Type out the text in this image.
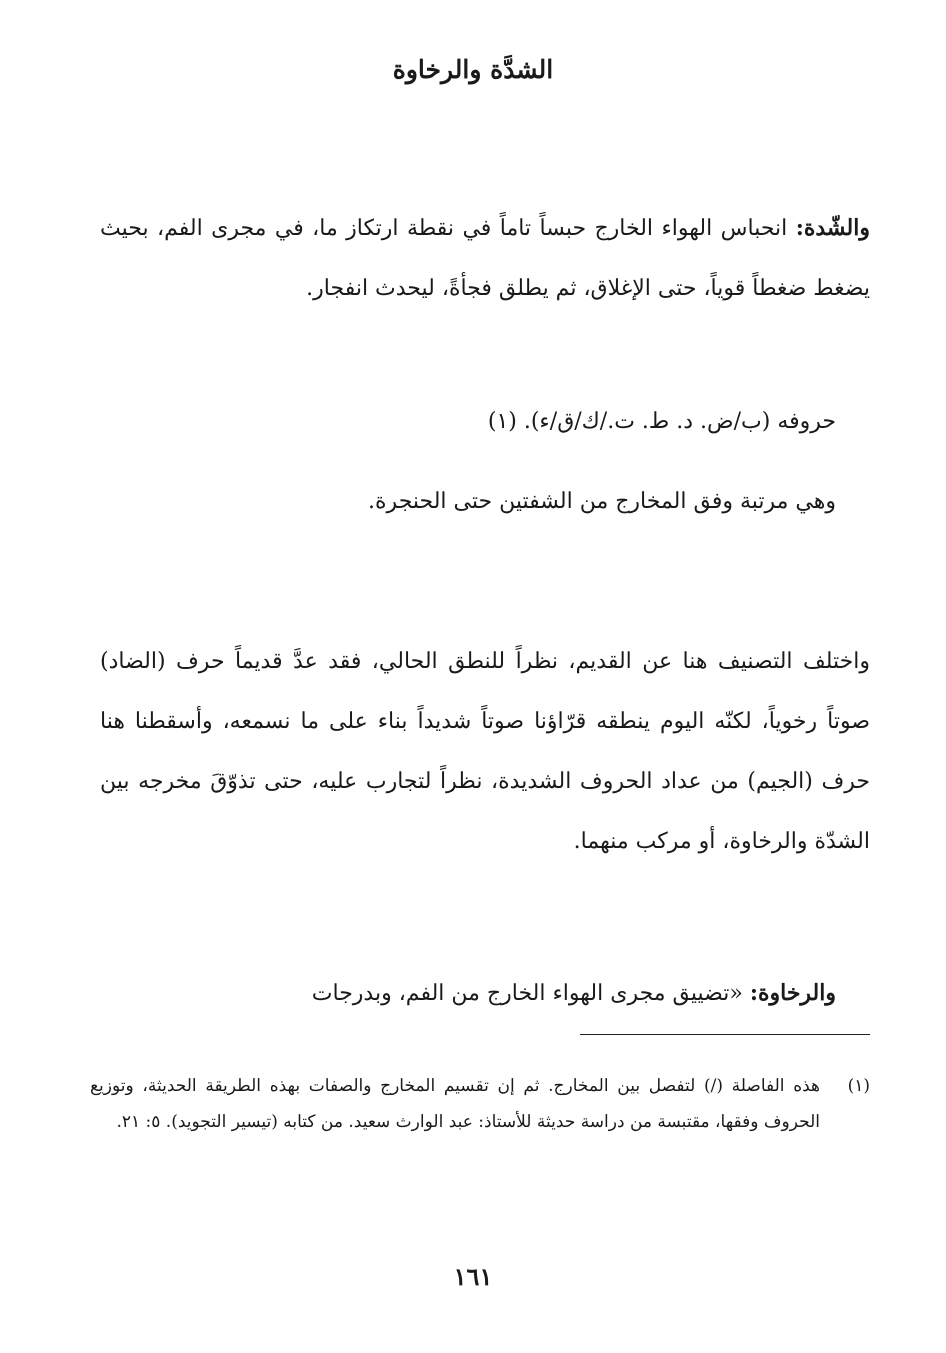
الشدَّة والرخاوة

والشّدة: انحباس الهواء الخارج حبساً تاماً في نقطة ارتكاز ما، في مجرى الفم، بحيث يضغط ضغطاً قوياً، حتى الإغلاق، ثم يطلق فجأةً، ليحدث انفجار.

حروفه (ب/ض. د. ط. ت./ك/ق/ء). (١)

وهي مرتبة وفق المخارج من الشفتين حتى الحنجرة.

واختلف التصنيف هنا عن القديم، نظراً للنطق الحالي، فقد عدَّ قديماً حرف (الضاد) صوتاً رخوياً، لكنّه اليوم ينطقه قرّاؤنا صوتاً شديداً بناء على ما نسمعه، وأسقطنا هنا حرف (الجيم) من عداد الحروف الشديدة، نظراً لتجارب عليه، حتى تذوّقَ مخرجه بين الشدّة والرخاوة، أو مركب منهما.

والرخاوة: «تضييق مجرى الهواء الخارج من الفم، وبدرجات

(١)
هذه الفاصلة (/) لتفصل بين المخارج. ثم إن تقسيم المخارج والصفات بهذه الطريقة الحديثة، وتوزيع الحروف وفقها، مقتبسة من دراسة حديثة للأستاذ: عبد الوارث سعيد. من كتابه (تيسير التجويد). ٥: ٢١.
١٦١
